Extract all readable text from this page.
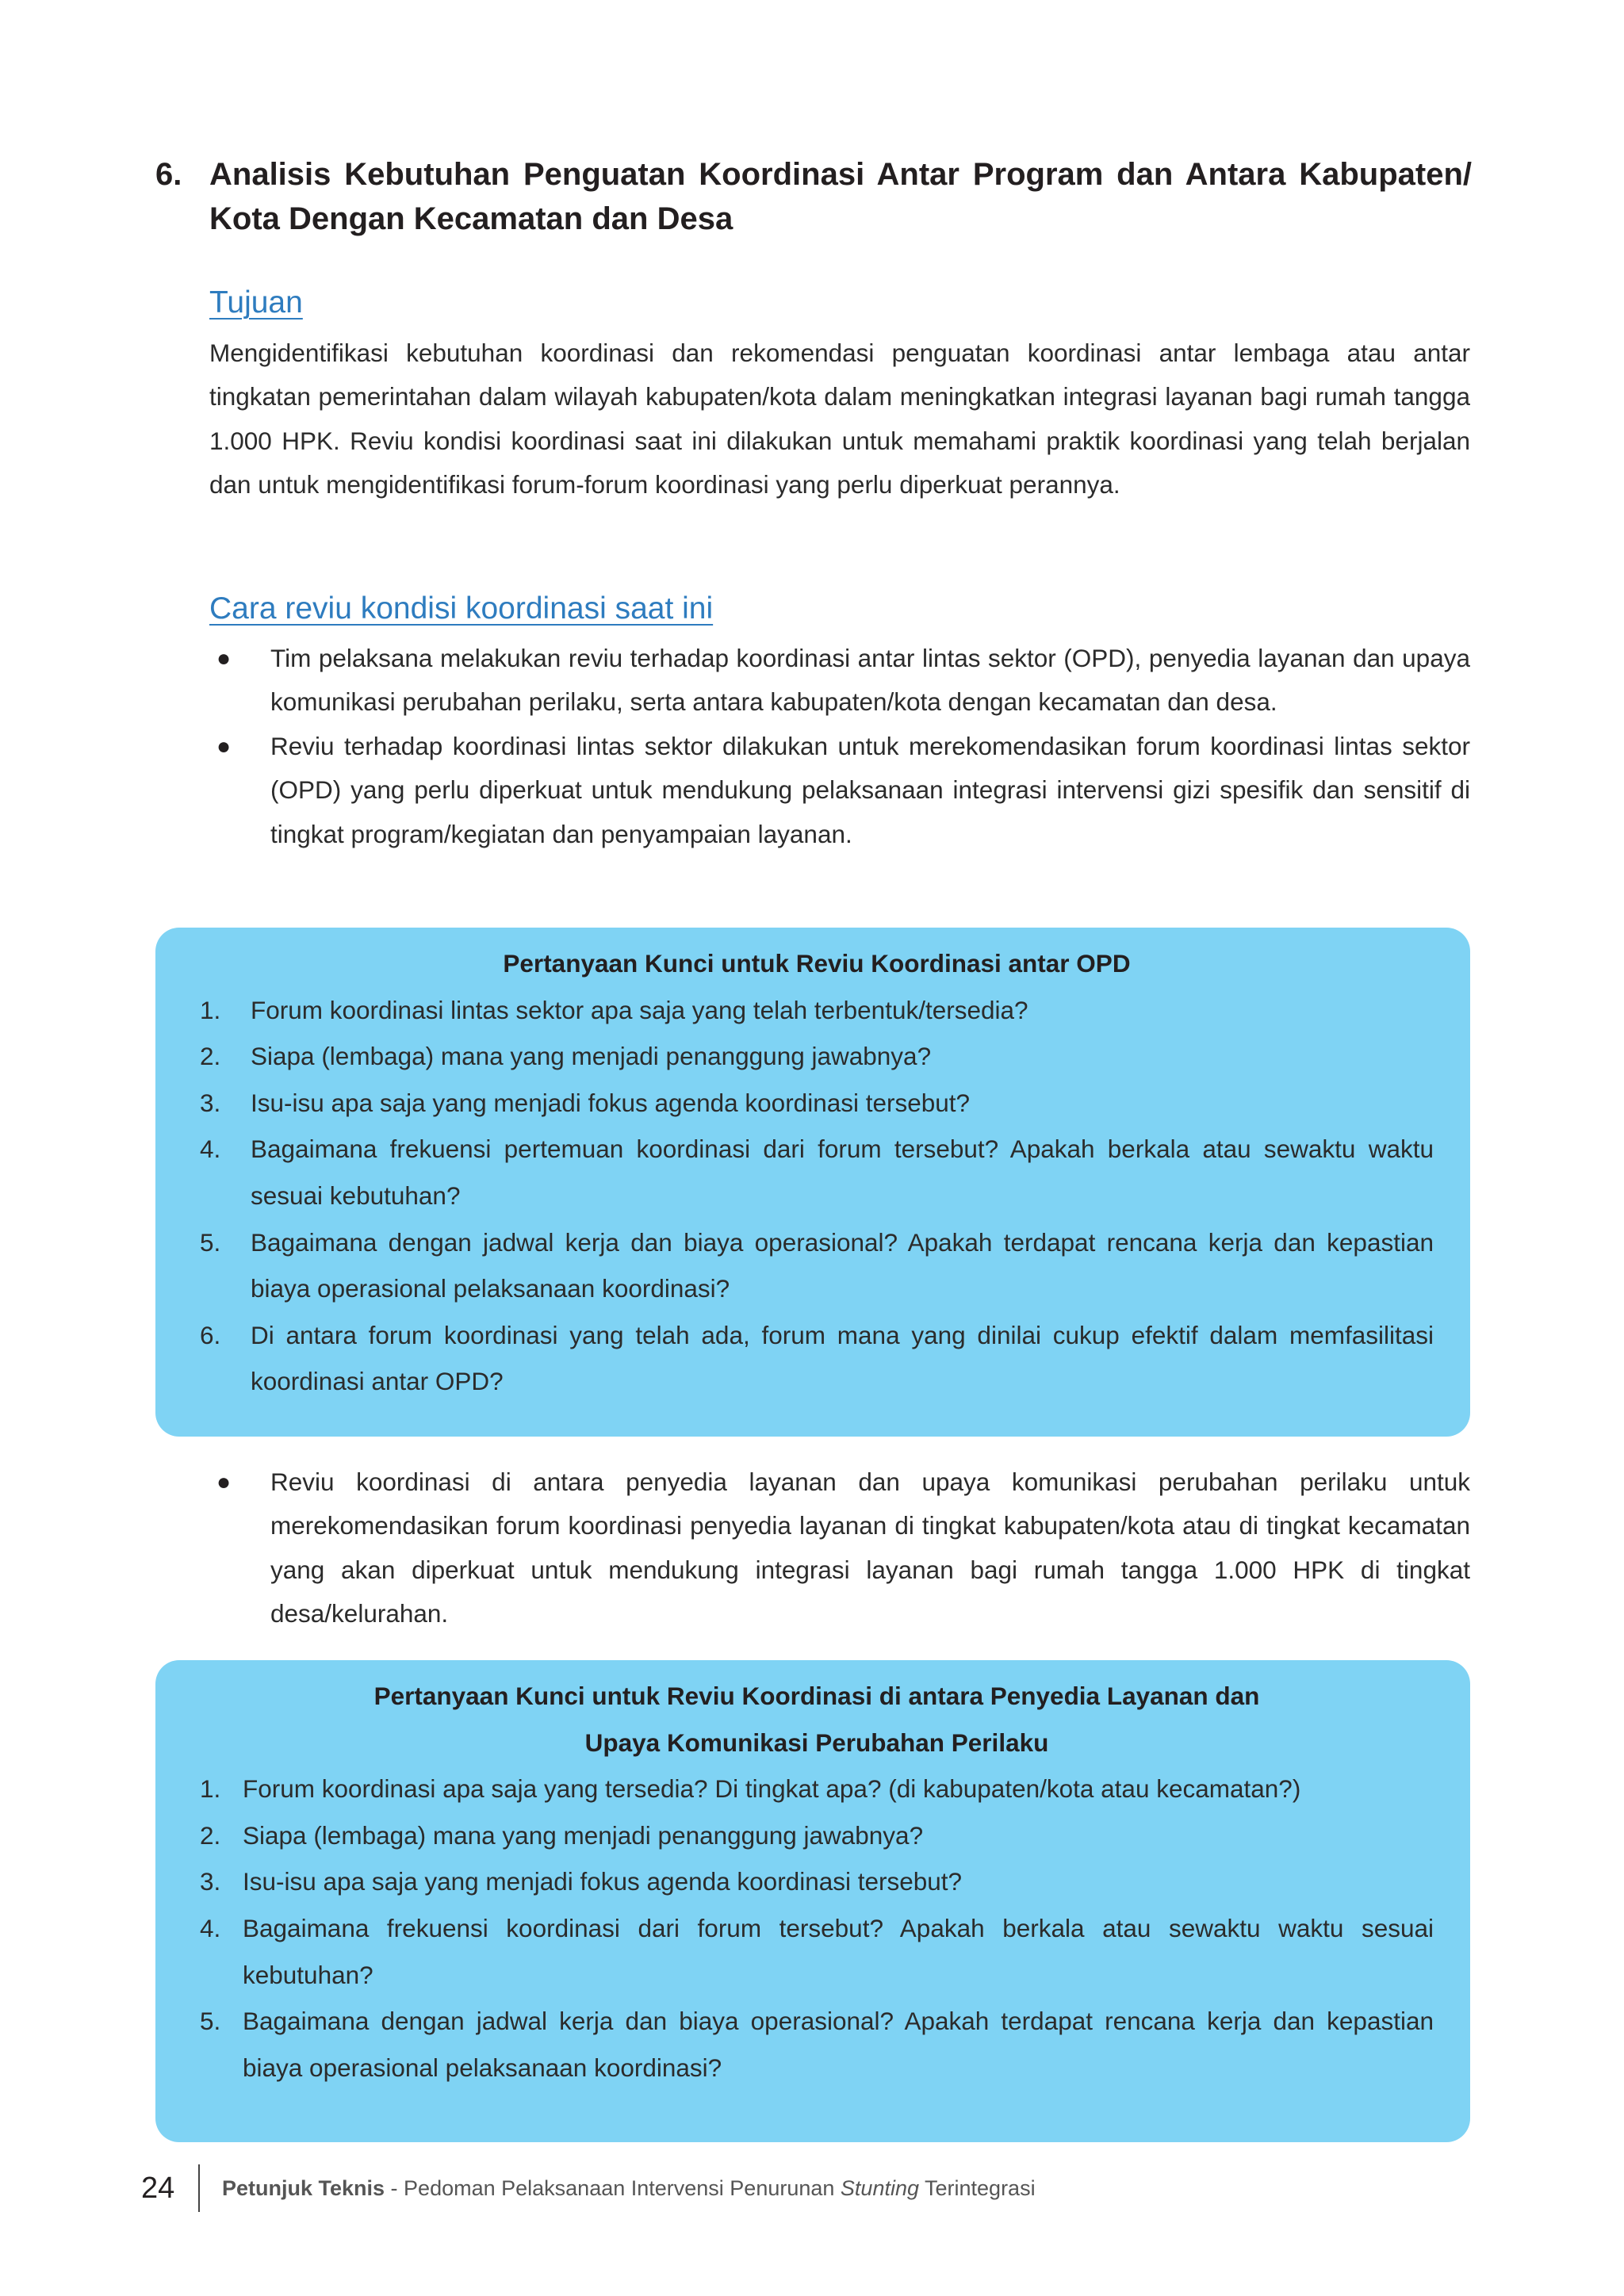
6. Analisis Kebutuhan Penguatan Koordinasi Antar Program dan Antara Kabupaten/ Kota Dengan Kecamatan dan Desa
Tujuan
Mengidentifikasi kebutuhan koordinasi dan rekomendasi penguatan koordinasi antar lembaga atau antar tingkatan pemerintahan dalam wilayah kabupaten/kota dalam meningkatkan integrasi layanan bagi rumah tangga 1.000 HPK. Reviu kondisi koordinasi saat ini dilakukan untuk memahami praktik koordinasi yang telah berjalan dan untuk mengidentifikasi forum-forum koordinasi yang perlu diperkuat perannya.
Cara reviu kondisi koordinasi saat ini
● Tim pelaksana melakukan reviu terhadap koordinasi antar lintas sektor (OPD), penyedia layanan dan upaya komunikasi perubahan perilaku, serta antara kabupaten/kota dengan kecamatan dan desa.
● Reviu terhadap koordinasi lintas sektor dilakukan untuk merekomendasikan forum koordinasi lintas sektor (OPD) yang perlu diperkuat untuk mendukung pelaksanaan integrasi intervensi gizi spesifik dan sensitif di tingkat program/kegiatan dan penyampaian layanan.
Pertanyaan Kunci untuk Reviu Koordinasi antar OPD
1. Forum koordinasi lintas sektor apa saja yang telah terbentuk/tersedia?
2. Siapa (lembaga) mana yang menjadi penanggung jawabnya?
3. Isu-isu apa saja yang menjadi fokus agenda koordinasi tersebut?
4. Bagaimana frekuensi pertemuan koordinasi dari forum tersebut? Apakah berkala atau sewaktu waktu sesuai kebutuhan?
5. Bagaimana dengan jadwal kerja dan biaya operasional? Apakah terdapat rencana kerja dan kepastian biaya operasional pelaksanaan koordinasi?
6. Di antara forum koordinasi yang telah ada, forum mana yang dinilai cukup efektif dalam memfasilitasi koordinasi antar OPD?
● Reviu koordinasi di antara penyedia layanan dan upaya komunikasi perubahan perilaku untuk merekomendasikan forum koordinasi penyedia layanan di tingkat kabupaten/kota atau di tingkat kecamatan yang akan diperkuat untuk mendukung integrasi layanan bagi rumah tangga 1.000 HPK di tingkat desa/kelurahan.
Pertanyaan Kunci untuk Reviu Koordinasi di antara Penyedia Layanan dan
Upaya Komunikasi Perubahan Perilaku
1. Forum koordinasi apa saja yang tersedia? Di tingkat apa? (di kabupaten/kota atau kecamatan?)
2. Siapa (lembaga) mana yang menjadi penanggung jawabnya?
3. Isu-isu apa saja yang menjadi fokus agenda koordinasi tersebut?
4. Bagaimana frekuensi koordinasi dari forum tersebut? Apakah berkala atau sewaktu waktu sesuai kebutuhan?
5. Bagaimana dengan jadwal kerja dan biaya operasional? Apakah terdapat rencana kerja dan kepastian biaya operasional pelaksanaan koordinasi?
24	Petunjuk Teknis - Pedoman Pelaksanaan Intervensi Penurunan Stunting Terintegrasi
